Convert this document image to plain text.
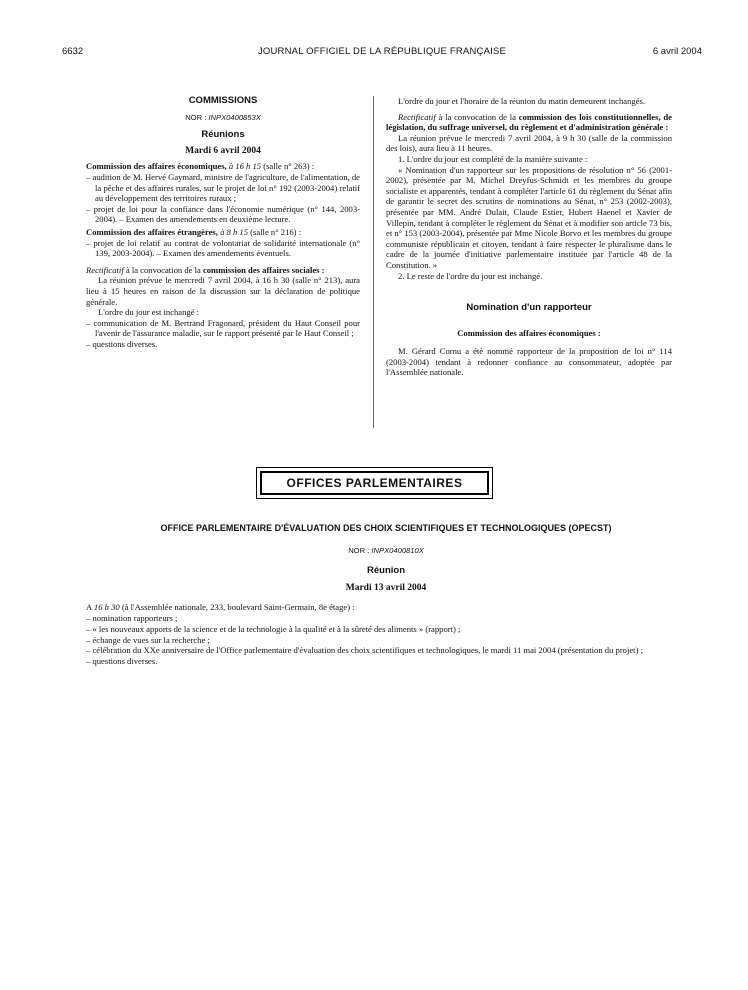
6632	JOURNAL OFFICIEL DE LA RÉPUBLIQUE FRANÇAISE	6 avril 2004

COMMISSIONS

NOR : INPX0400853X

Réunions

Mardi 6 avril 2004

Commission des affaires économiques, à 16 h 15 (salle n° 263) :

– audition de M. Hervé Gaymard, ministre de l'agriculture, de l'alimentation, de la pêche et des affaires rurales, sur le projet de loi n° 192 (2003-2004) relatif au développement des territoires ruraux ;

– projet de loi pour la confiance dans l'économie numérique (n° 144, 2003-2004). – Examen des amendements en deuxième lecture.

Commission des affaires étrangères, à 8 h 15 (salle n° 216) :

– projet de loi relatif au contrat de volontariat de solidarité internationale (n° 139, 2003-2004). – Examen des amendements éventuels.

Rectificatif à la convocation de la commission des affaires sociales :

La réunion prévue le mercredi 7 avril 2004, à 16 h 30 (salle n° 213), aura lieu à 15 heures en raison de la discussion sur la déclaration de politique générale.

L'ordre du jour est inchangé :

– communication de M. Bertrand Fragonard, président du Haut Conseil pour l'avenir de l'assurance maladie, sur le rapport présenté par le Haut Conseil ;

– questions diverses.

L'ordre du jour et l'horaire de la réunion du matin demeurent inchangés.

Rectificatif à la convocation de la commission des lois constitutionnelles, de législation, du suffrage universel, du règlement et d'administration générale :

La réunion prévue le mercredi 7 avril 2004, à 9 h 30 (salle de la commission des lois), aura lieu à 11 heures.

1. L'ordre du jour est complété de la manière suivante :

« Nomination d'un rapporteur sur les propositions de résolution n° 56 (2001-2002), présentée par M. Michel Dreyfus-Schmidt et les membres du groupe socialiste et apparentés, tendant à compléter l'article 61 du règlement du Sénat afin de garantir le secret des scrutins de nominations au Sénat, n° 253 (2002-2003), présentée par MM. André Dulait, Claude Estier, Hubert Haenel et Xavier de Villepin, tendant à compléter le règlement du Sénat et à modifier son article 73 bis, et n° 153 (2003-2004), présentée par Mme Nicole Borvo et les membres du groupe communiste républicain et citoyen, tendant à faire respecter le pluralisme dans le cadre de la journée d'initiative parlementaire instituée par l'article 48 de la Constitution. »

2. Le reste de l'ordre du jour est inchangé.

Nomination d'un rapporteur

Commission des affaires économiques :

M. Gérard Cornu a été nommé rapporteur de la proposition de loi n° 114 (2003-2004) tendant à redonner confiance au consommateur, adoptée par l'Assemblée nationale.

OFFICES PARLEMENTAIRES

OFFICE PARLEMENTAIRE D'ÉVALUATION DES CHOIX SCIENTIFIQUES ET TECHNOLOGIQUES (OPECST)

NOR : INPX0400810X

Réunion

Mardi 13 avril 2004

A 16 h 30 (à l'Assemblée nationale, 233, boulevard Saint-Germain, 8e étage) :

– nomination rapporteurs ;

– « les nouveaux apports de la science et de la technologie à la qualité et à la sûreté des aliments » (rapport) ;

– échange de vues sur la recherche ;

– célébration du XXe anniversaire de l'Office parlementaire d'évaluation des choix scientifiques et technologiques, le mardi 11 mai 2004 (présentation du projet) ;

– questions diverses.
